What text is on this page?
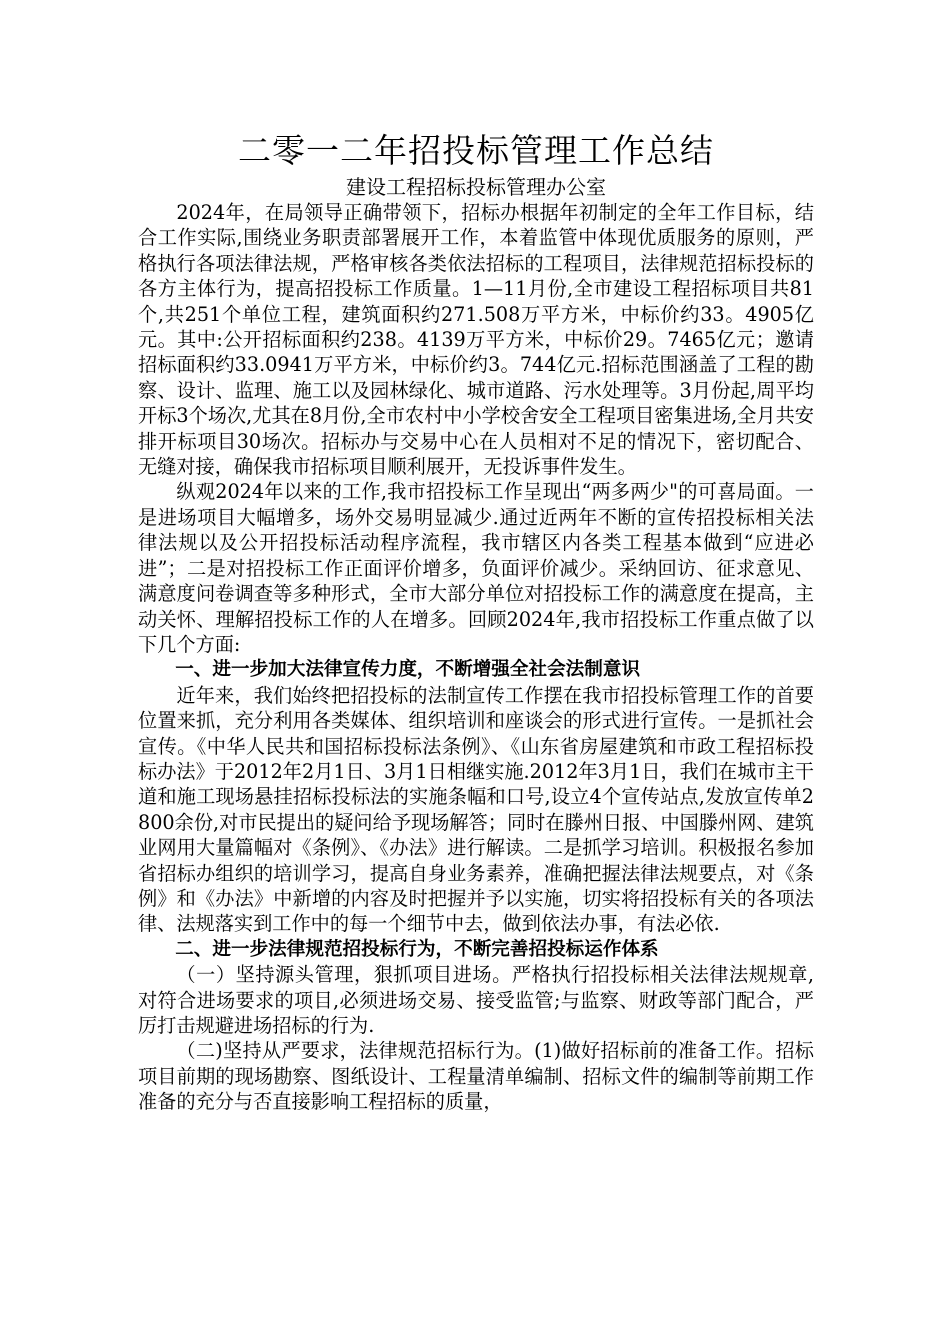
二零一二年招投标管理工作总结

建设工程招标投标管理办公室

2024年，在局领导正确带领下，招标办根据年初制定的全年工作目标，结合工作实际,围绕业务职责部署展开工作，本着监管中体现优质服务的原则，严格执行各项法律法规，严格审核各类依法招标的工程项目，法律规范招标投标的各方主体行为，提高招投标工作质量。1—11月份,全市建设工程招标项目共81个,共251个单位工程，建筑面积约271.508万平方米，中标价约33。4905亿元。其中:公开招标面积约238。4139万平方米，中标价29。7465亿元；邀请招标面积约33.0941万平方米，中标价约3。744亿元.招标范围涵盖了工程的勘察、设计、监理、施工以及园林绿化、城市道路、污水处理等。3月份起,周平均开标3个场次,尤其在8月份,全市农村中小学校舍安全工程项目密集进场,全月共安排开标项目30场次。招标办与交易中心在人员相对不足的情况下，密切配合、无缝对接，确保我市招标项目顺利展开，无投诉事件发生。

纵观2024年以来的工作,我市招投标工作呈现出“两多两少"的可喜局面。一是进场项目大幅增多，场外交易明显减少.通过近两年不断的宣传招投标相关法律法规以及公开招投标活动程序流程，我市辖区内各类工程基本做到“应进必进”；二是对招投标工作正面评价增多，负面评价减少。采纳回访、征求意见、满意度问卷调查等多种形式，全市大部分单位对招投标工作的满意度在提高，主动关怀、理解招投标工作的人在增多。回顾2024年,我市招投标工作重点做了以下几个方面:

一、进一步加大法律宣传力度，不断增强全社会法制意识

近年来，我们始终把招投标的法制宣传工作摆在我市招投标管理工作的首要位置来抓，充分利用各类媒体、组织培训和座谈会的形式进行宣传。一是抓社会宣传。《中华人民共和国招标投标法条例》、《山东省房屋建筑和市政工程招标投标办法》于2012年2月1日、3月1日相继实施.2012年3月1日，我们在城市主干道和施工现场悬挂招标投标法的实施条幅和口号,设立4个宣传站点,发放宣传单2800余份,对市民提出的疑问给予现场解答；同时在滕州日报、中国滕州网、建筑业网用大量篇幅对《条例》、《办法》进行解读。二是抓学习培训。积极报名参加省招标办组织的培训学习，提高自身业务素养，准确把握法律法规要点，对《条例》和《办法》中新增的内容及时把握并予以实施，切实将招投标有关的各项法律、法规落实到工作中的每一个细节中去，做到依法办事，有法必依.

二、进一步法律规范招投标行为，不断完善招投标运作体系

（一）坚持源头管理，狠抓项目进场。严格执行招投标相关法律法规规章,对符合进场要求的项目,必须进场交易、接受监管;与监察、财政等部门配合，严厉打击规避进场招标的行为.

（二)坚持从严要求，法律规范招标行为。(1)做好招标前的准备工作。招标项目前期的现场勘察、图纸设计、工程量清单编制、招标文件的编制等前期工作准备的充分与否直接影响工程招标的质量，
